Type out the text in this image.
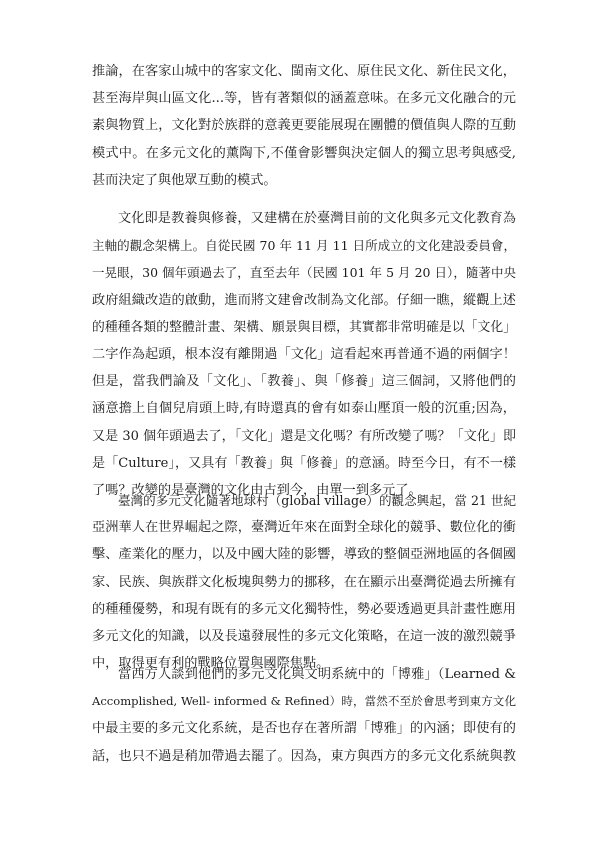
推論，在客家山城中的客家文化、閩南文化、原住民文化、新住民文化，
甚至海岸與山區文化...等，皆有著類似的涵蓋意味。在多元文化融合的元
素與物質上，文化對於族群的意義更要能展現在團體的價值與人際的互動
模式中。在多元文化的薰陶下,不僅會影響與決定個人的獨立思考與感受,
甚而決定了與他眾互動的模式。
文化即是教養與修養，又建構在於臺灣目前的文化與多元文化教育為
主軸的觀念架構上。自從民國 70 年 11 月 11 日所成立的文化建設委員會，
一晃眼，30 個年頭過去了，直至去年（民國 101 年 5 月 20 日），隨著中央
政府組織改造的啟動，進而將文建會改制為文化部。仔細一瞧，縱觀上述
的種種各類的整體計畫、架構、願景與目標，其實都非常明確是以「文化」
二字作為起頭，根本沒有離開過「文化」這看起來再普通不過的兩個字！
但是，當我們論及「文化」、「教養」、與「修養」這三個詞，又將他們的
涵意擔上自個兒肩頭上時,有時還真的會有如泰山壓頂一般的沉重;因為，
又是 30 個年頭過去了，「文化」還是文化嗎？有所改變了嗎？「文化」即
是「Culture」，又具有「教養」與「修養」的意涵。時至今日，有不一樣
了嗎？改變的是臺灣的文化由古到今，由單一到多元了。
臺灣的多元文化隨著地球村（global village）的觀念興起，當 21 世紀
亞洲華人在世界崛起之際，臺灣近年來在面對全球化的競爭、數位化的衝
擊、產業化的壓力，以及中國大陸的影響，導致的整個亞洲地區的各個國
家、民族、與族群文化板塊與勢力的挪移，在在顯示出臺灣從過去所擁有
的種種優勢，和現有既有的多元文化獨特性，勢必要透過更具計畫性應用
多元文化的知識，以及長遠發展性的多元文化策略，在這一波的激烈競爭
中，取得更有利的戰略位置與國際焦點。
當西方人談到他們的多元文化與文明系統中的「博雅」（Learned &
Accomplished, Well- informed & Refined）時，當然不至於會思考到東方文化
中最主要的多元文化系統，是否也存在著所謂「博雅」的內涵；即使有的
話，也只不過是稍加帶過去罷了。因為，東方與西方的多元文化系統與教
